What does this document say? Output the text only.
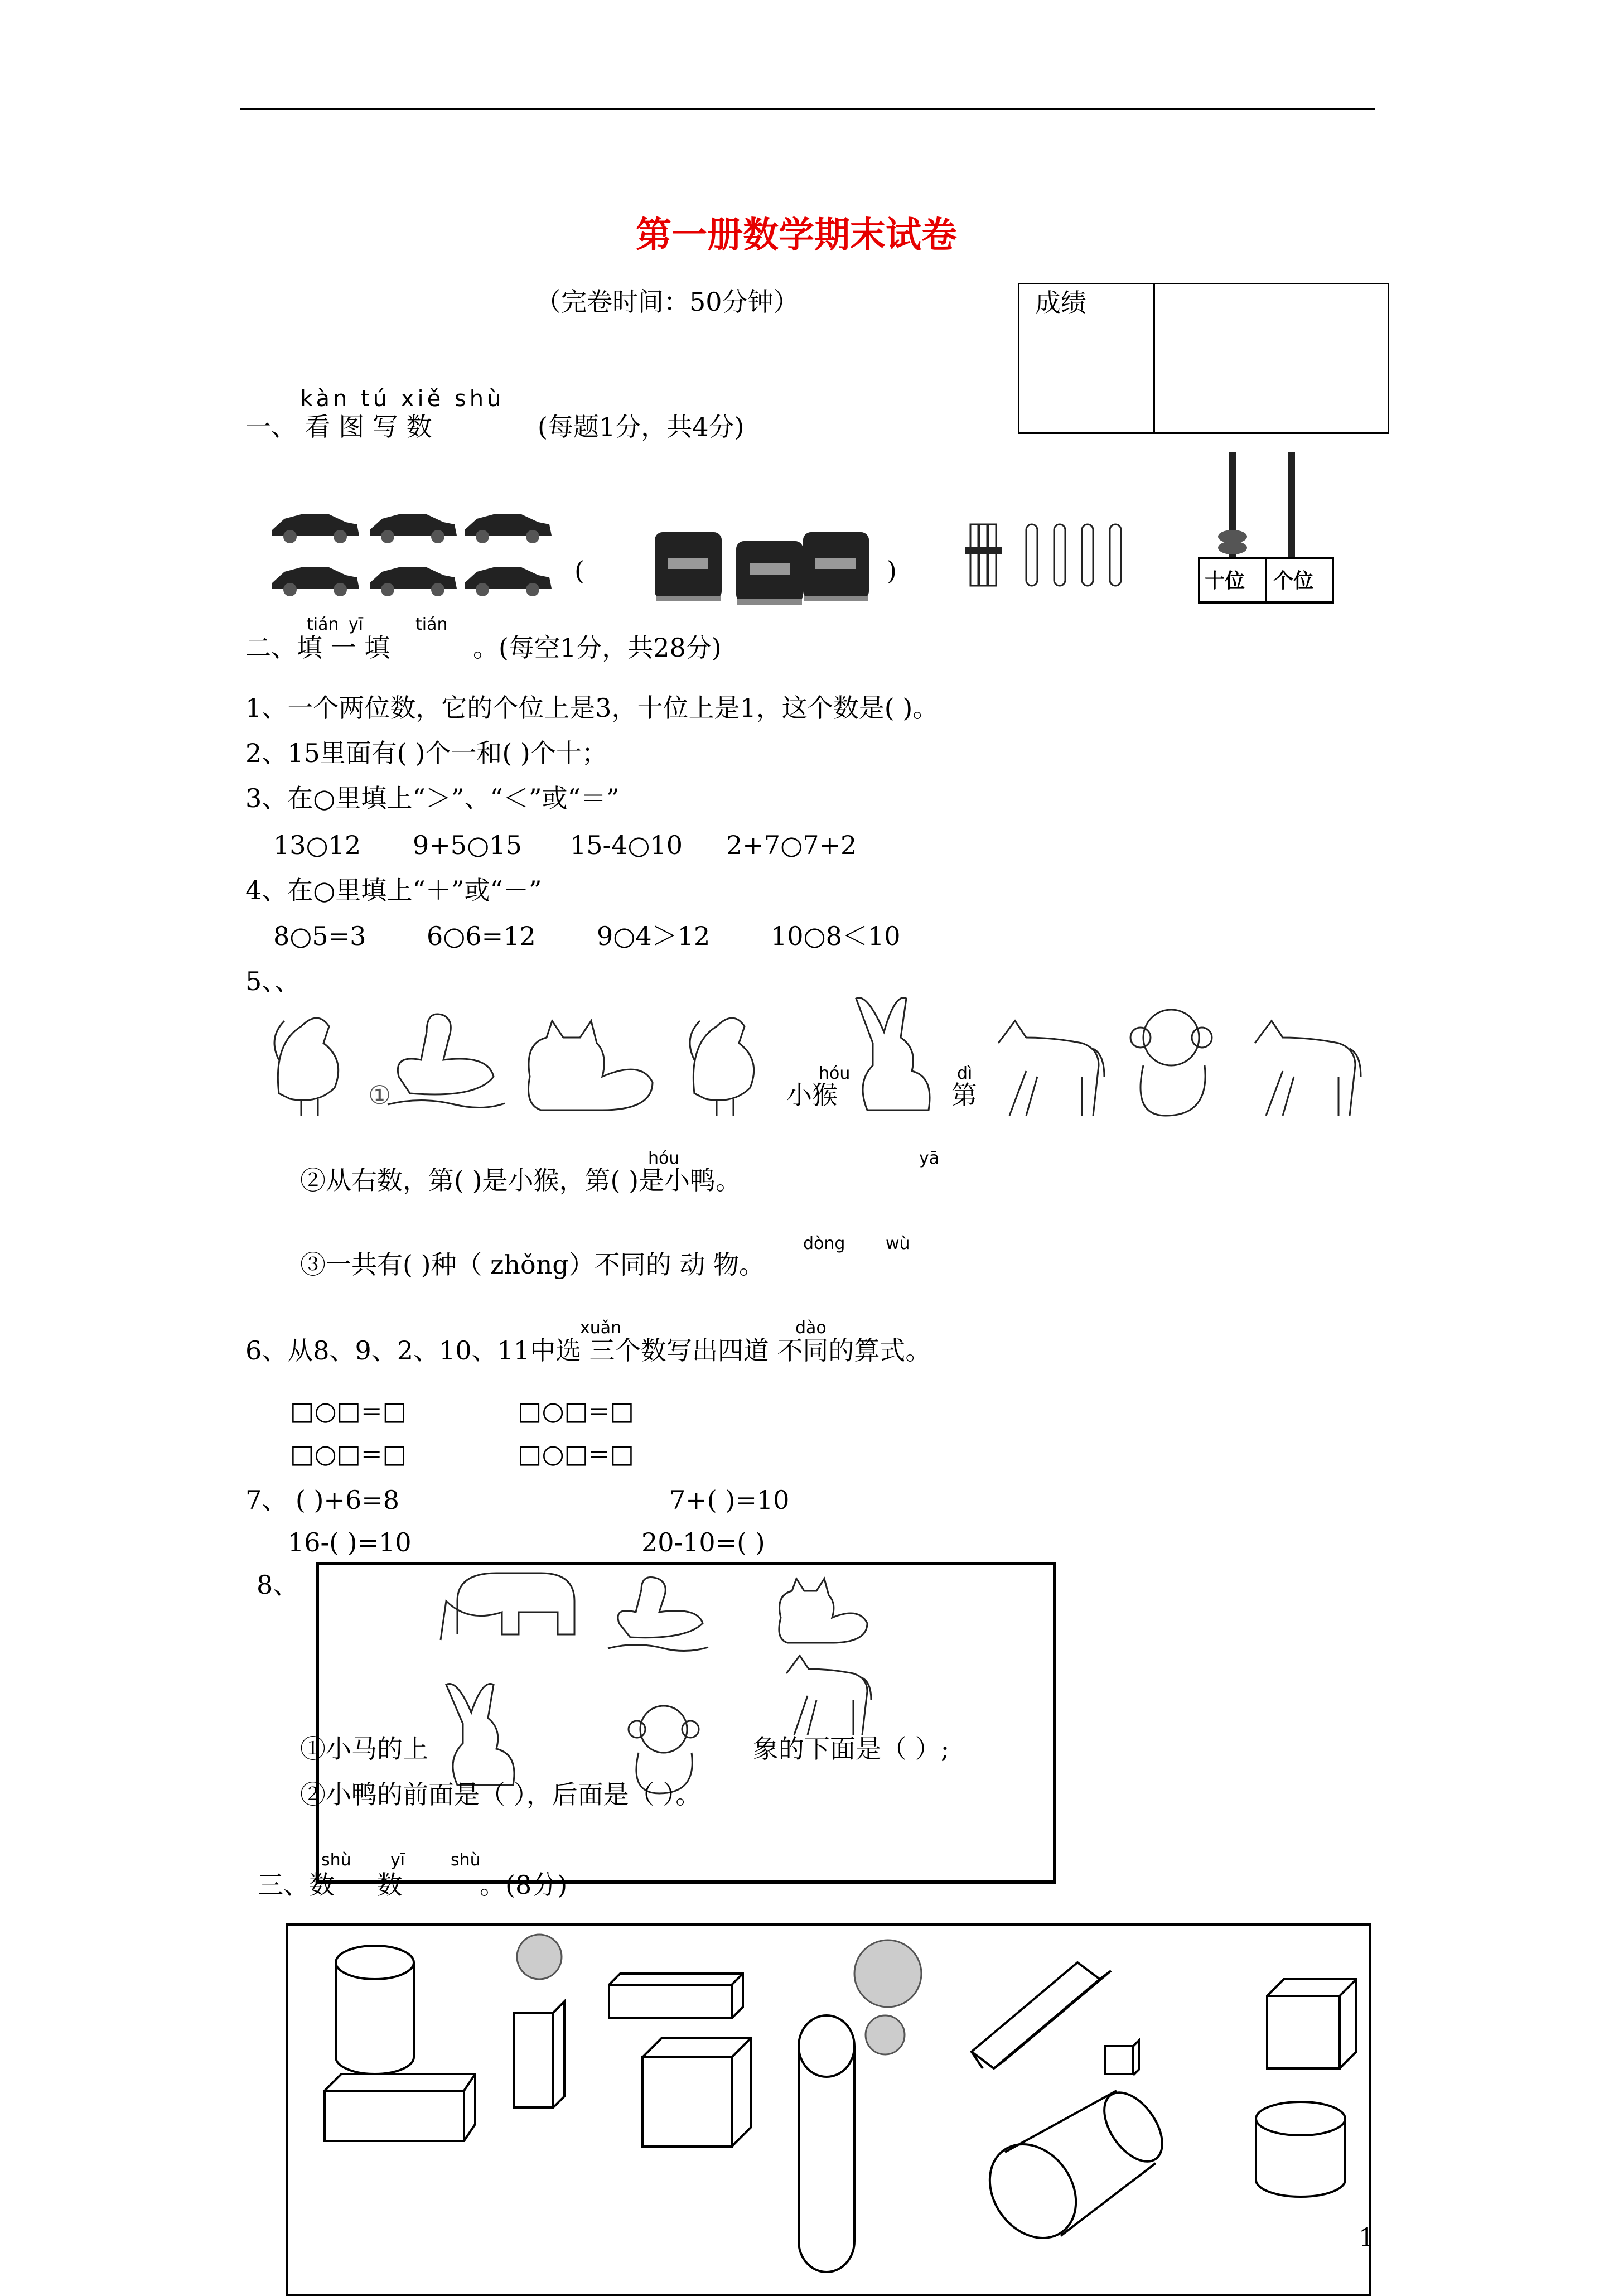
第一册数学期末试卷
（完卷时间：50分钟）	成绩
kàn tú xiě shù
一、 看 图 写 数	(每题1分，共4分)
(	)	十位 个位
tián yī	tián
二、填 一 填	。(每空1分，共28分)
1、一个两位数，它的个位上是3，十位上是1，这个数是( )。
2、15里面有( )个一和( )个十；
3、在○里填上“＞”、“＜”或“＝”
13○12 9+5○15 15-4○10 2+7○7+2
4、在○里填上“＋”或“－”
8○5=3 6○6=12 9○4＞12 10○8＜10
5、、
①
hóu
小猴
dì
第
hóu	yā
②从右数，第( )是小猴，第( )是小鸭。
dòng wù
③一共有( )种（ zhǒng）不同的 动 物。
xuǎn	dào
6、从8、9、2、10、11中选 三个数写出四道 不同的算式。
□○□=□	□○□=□
□○□=□	□○□=□
7、 ( )+6=8	7+( )=10
16-( )=10	20-10=( )
8、
①小马的上	象的下面是（ ）;
②小鸭的前面是（ ），后面是（ ）。
shù yī	shù
三、数 一 数	。(8分)
1
